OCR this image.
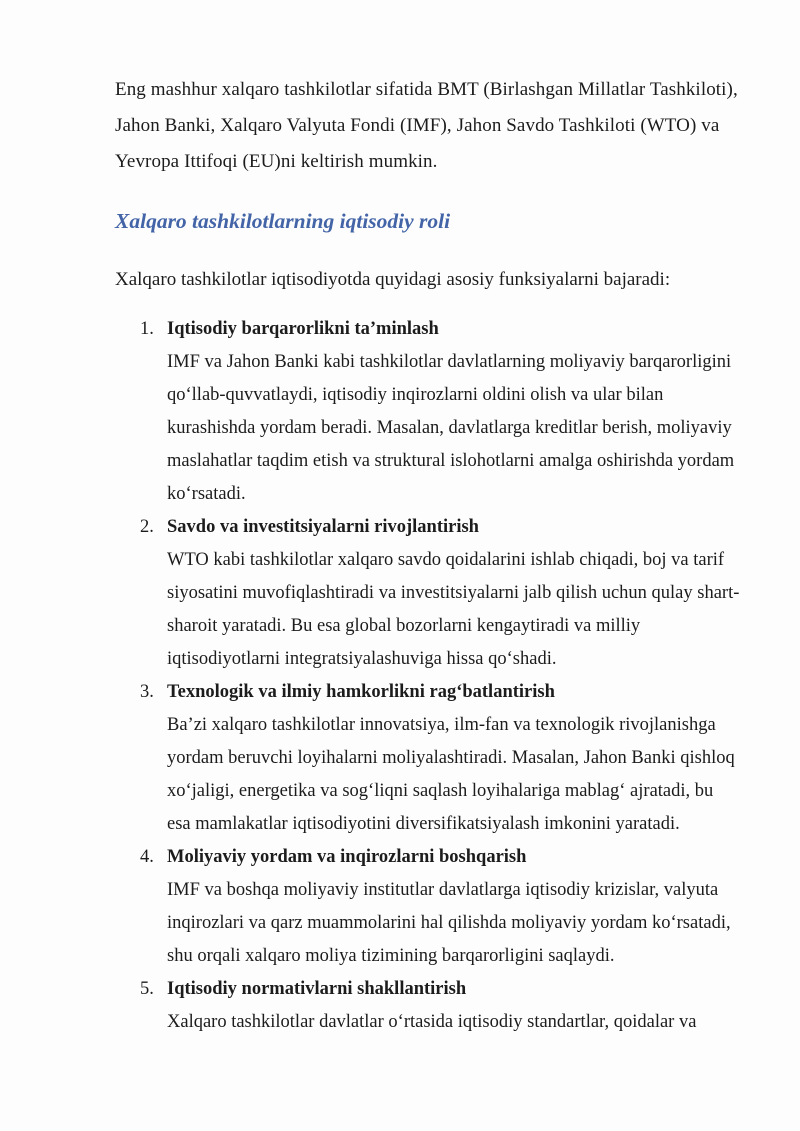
Eng mashhur xalqaro tashkilotlar sifatida BMT (Birlashgan Millatlar Tashkiloti), Jahon Banki, Xalqaro Valyuta Fondi (IMF), Jahon Savdo Tashkiloti (WTO) va Yevropa Ittifoqi (EU)ni keltirish mumkin.

Xalqaro tashkilotlarning iqtisodiy roli

Xalqaro tashkilotlar iqtisodiyotda quyidagi asosiy funksiyalarni bajaradi:

1. Iqtisodiy barqarorlikni ta’minlash
IMF va Jahon Banki kabi tashkilotlar davlatlarning moliyaviy barqarorligini qo‘llab-quvvatlaydi, iqtisodiy inqirozlarni oldini olish va ular bilan kurashishda yordam beradi. Masalan, davlatlarga kreditlar berish, moliyaviy maslahatlar taqdim etish va struktural islohotlarni amalga oshirishda yordam ko‘rsatadi.
2. Savdo va investitsiyalarni rivojlantirish
WTO kabi tashkilotlar xalqaro savdo qoidalarini ishlab chiqadi, boj va tarif siyosatini muvofiqlashtiradi va investitsiyalarni jalb qilish uchun qulay shart-sharoit yaratadi. Bu esa global bozorlarni kengaytiradi va milliy iqtisodiyotlarni integratsiyalashuviga hissa qo‘shadi.
3. Texnologik va ilmiy hamkorlikni rag‘batlantirish
Ba’zi xalqaro tashkilotlar innovatsiya, ilm-fan va texnologik rivojlanishga yordam beruvchi loyihalarni moliyalashtiradi. Masalan, Jahon Banki qishloq xo‘jaligi, energetika va sog‘liqni saqlash loyihalariga mablag‘ ajratadi, bu esa mamlakatlar iqtisodiyotini diversifikatsiyalash imkonini yaratadi.
4. Moliyaviy yordam va inqirozlarni boshqarish
IMF va boshqa moliyaviy institutlar davlatlarga iqtisodiy krizislar, valyuta inqirozlari va qarz muammolarini hal qilishda moliyaviy yordam ko‘rsatadi, shu orqali xalqaro moliya tizimining barqarorligini saqlaydi.
5. Iqtisodiy normativlarni shakllantirish
Xalqaro tashkilotlar davlatlar o‘rtasida iqtisodiy standartlar, qoidalar va
